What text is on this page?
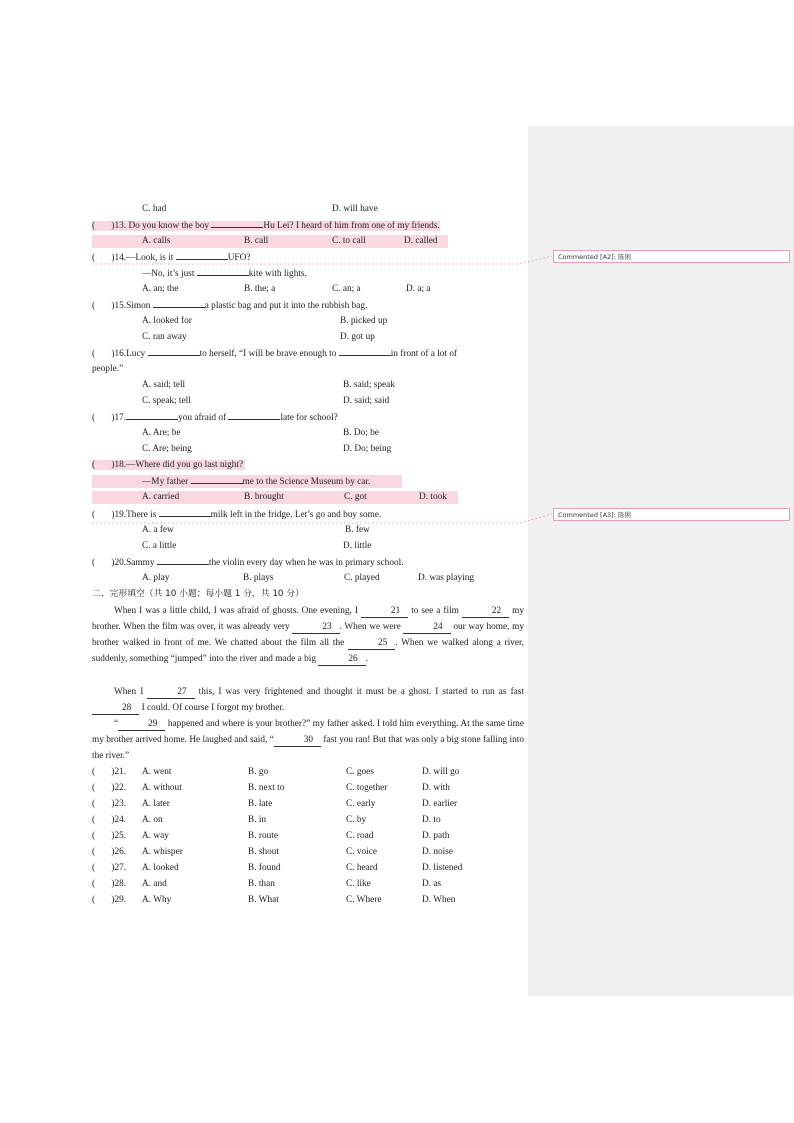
C. had	D. will have
( )13. Do you know the boy	Hu Lei? I heard of him from one of my friends.
A. calls	B. call	C. to call	D. called
( )14.—Look, is it	UFO?
—No, it’s just	kite with lights.
A. an; the	B. the; a	C. an; a	D. a; a
( )15.Simon	a plastic bag and put it into the rubbish bag.
A. looked for	B. picked up
C. ran away	D. got up
( )16.Lucy	to herself, “I will be brave enough to	in front of a lot of
people.”
A. said; tell	B. said; speak
C. speak; tell	D. said; said
( )17.	you afraid of	late for school?
A. Are; be	B. Do; be
C. Are; being	D. Do; being
( )18.—Where did you go last night?
—My father	me to the Science Museum by car.
A. carried	B. brought	C. got	D. took
( )19.There is	milk left in the fridge. Let’s go and buy some.
A. a few	B. few
C. a little	D. little
( )20.Sammy	the violin every day when he was in primary school.
A. play	B. plays	C. played	D. was playing
二、完形填空（共 10 小题；每小题 1 分，共 10 分）
When I was a little child, I was afraid of ghosts. One evening, I	21 to see a film	22 my brother. When the film was over, it was already very	23 . When we were	24 our way home, my brother walked in front of me. We chatted about the film all the	25 . When we walked along a river, suddenly, something “jumped” into the river and made a big	26 .
When I	27 this, I was very frightened and thought it must be a ghost. I started to run as fast 28 I could. Of course I forgot my brother.
“	29 happened and where is your brother?” my father asked. I told him everything. At the same time my brother arrived home. He laughed and said, “	30 fast you ran! But that was only a big stone falling into the river.”
( )21. A. went	B. go	C. goes	D. will go
( )22. A. without	B. next to	C. together	D. with
( )23. A. later	B. late	C. early	D. earlier
( )24. A. on	B. in	C. by	D. to
( )25. A. way	B. route	C. road	D. path
( )26. A. whisper	B. shout	C. voice	D. noise
( )27. A. looked	B. found	C. heard	D. listened
( )28. A. and	B. than	C. like	D. as
( )29. A. Why	B. What	C. Where	D. When
Commented [A2]: 陈俐
Commented [A3]: 陈俐
